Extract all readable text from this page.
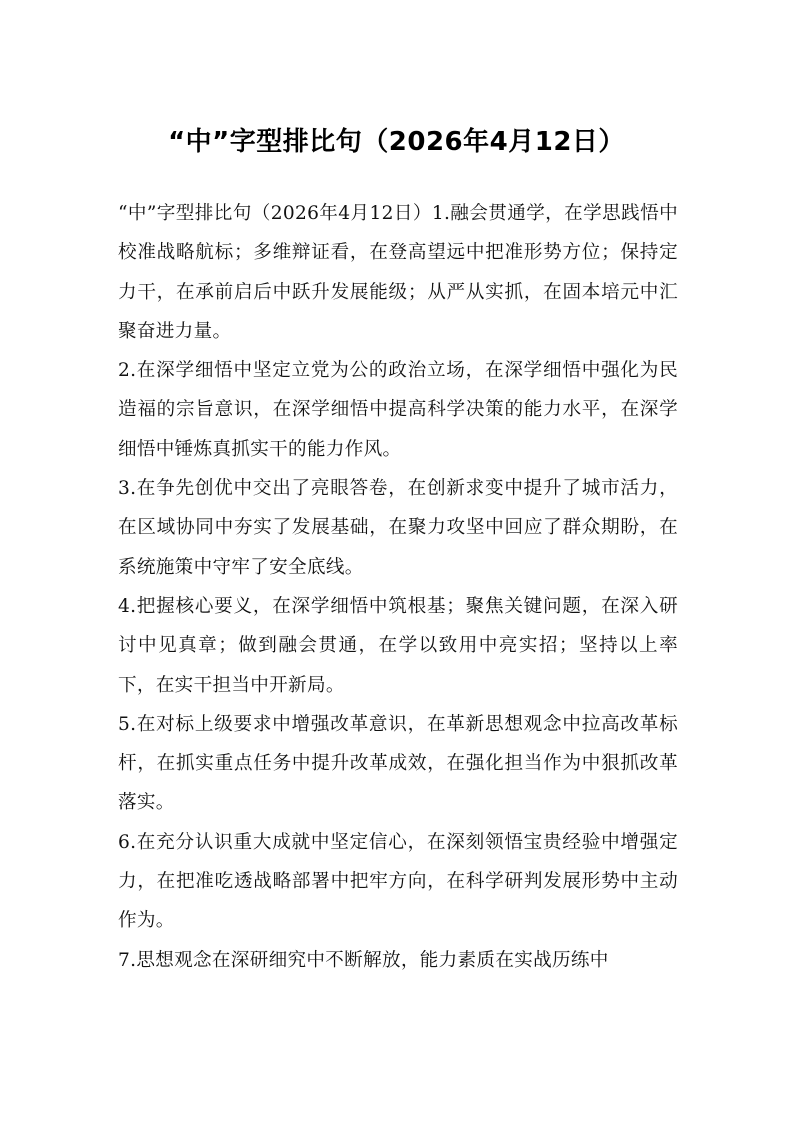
“中”字型排比句（2026年4月12日）

“中”字型排比句（2026年4月12日）1.融会贯通学，在学思践悟中校准战略航标；多维辩证看，在登高望远中把准形势方位；保持定力干，在承前启后中跃升发展能级；从严从实抓，在固本培元中汇聚奋进力量。

2.在深学细悟中坚定立党为公的政治立场，在深学细悟中强化为民造福的宗旨意识，在深学细悟中提高科学决策的能力水平，在深学细悟中锤炼真抓实干的能力作风。

3.在争先创优中交出了亮眼答卷，在创新求变中提升了城市活力，在区域协同中夯实了发展基础，在聚力攻坚中回应了群众期盼，在系统施策中守牢了安全底线。

4.把握核心要义，在深学细悟中筑根基；聚焦关键问题，在深入研讨中见真章；做到融会贯通，在学以致用中亮实招；坚持以上率下，在实干担当中开新局。

5.在对标上级要求中增强改革意识，在革新思想观念中拉高改革标杆，在抓实重点任务中提升改革成效，在强化担当作为中狠抓改革落实。

6.在充分认识重大成就中坚定信心，在深刻领悟宝贵经验中增强定力，在把准吃透战略部署中把牢方向，在科学研判发展形势中主动作为。

7.思想观念在深研细究中不断解放，能力素质在实战历练中
